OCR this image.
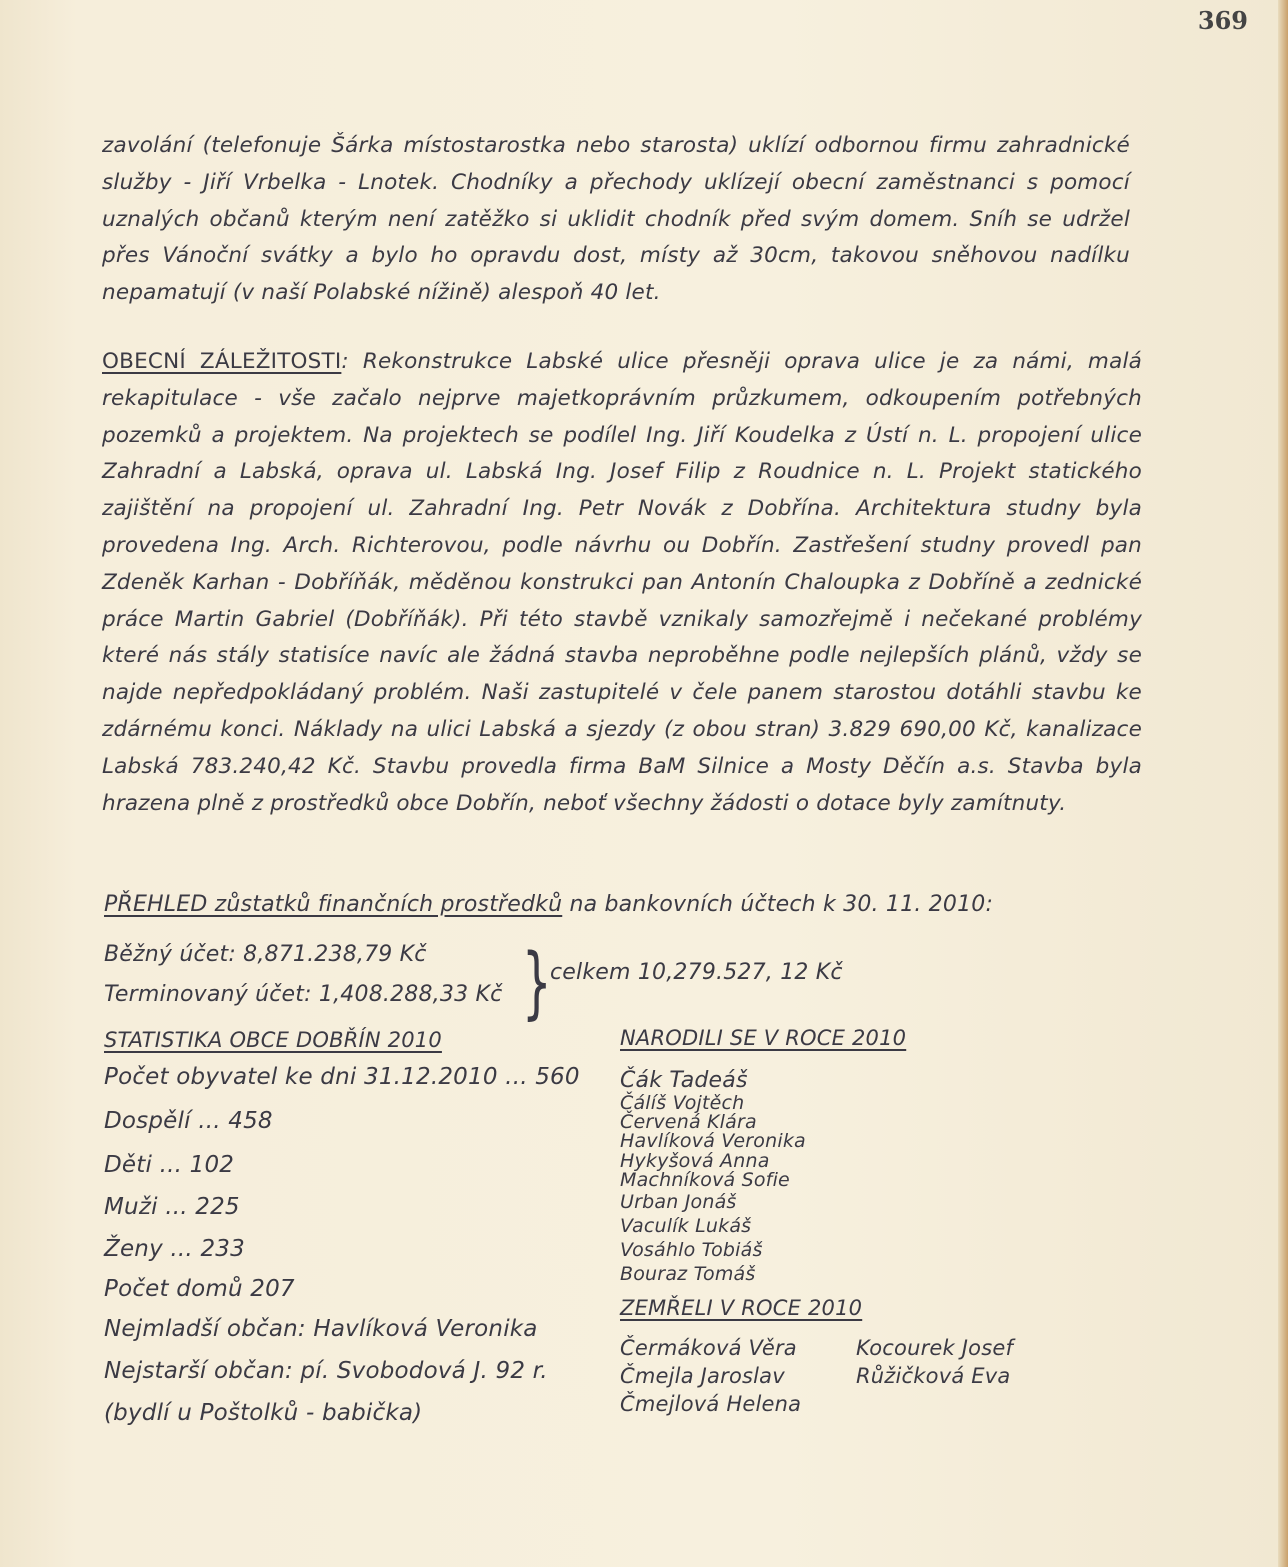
369
zavolání (telefonuje Šárka místostarostka nebo starosta) uklízí odbornou firmu zahradnické služby - Jiří Vrbelka - Lnotek. Chodníky a přechody uklízejí obecní zaměstnanci s pomocí uznalých občanů kterým není zatěžko si uklidit chodník před svým domem. Sníh se udržel přes Vánoční svátky a bylo ho opravdu dost, místy až 30cm, takovou sněhovou nadílku nepamatují (v naší Polabské nížině) alespoň 40 let.
OBECNÍ ZÁLEŽITOSTI: Rekonstrukce Labské ulice přesněji oprava ulice je za námi, malá rekapitulace - vše začalo nejprve majetkoprávním průzkumem, odkoupením potřebných pozemků a projektem. Na projektech se podílel Ing. Jiří Koudelka z Ústí n. L. propojení ulice Zahradní a Labská, oprava ul. Labská Ing. Josef Filip z Roudnice n. L. Projekt statického zajištění na propojení ul. Zahradní Ing. Petr Novák z Dobřína. Architektura studny byla provedena Ing. Arch. Richterovou, podle návrhu ou Dobřín. Zastřešení studny provedl pan Zdeněk Karhan - Dobříňák, měděnou konstrukci pan Antonín Chaloupka z Dobříně a zednické práce Martin Gabriel (Dobříňák). Při této stavbě vznikaly samozřejmě i nečekané problémy které nás stály statisíce navíc ale žádná stavba neproběhne podle nejlepších plánů, vždy se najde nepředpokládaný problém. Naši zastupitelé v čele panem starostou dotáhli stavbu ke zdárnému konci. Náklady na ulici Labská a sjezdy (z obou stran) 3.829 690,00 Kč, kanalizace Labská 783.240,42 Kč. Stavbu provedla firma BaM Silnice a Mosty Děčín a.s. Stavba byla hrazena plně z prostředků obce Dobřín, neboť všechny žádosti o dotace byly zamítnuty.
PŘEHLED zůstatků finančních prostředků na bankovních účtech k 30. 11. 2010:
Běžný účet: 8,871.238,79 Kč
Terminovaný účet: 1,408.288,33 Kč }
celkem 10,279.527, 12 Kč
STATISTIKA OBCE DOBŘÍN 2010
Počet obyvatel ke dni 31.12.2010 ... 560
Dospělí ... 458
Děti ... 102
Muži ... 225
Ženy ... 233
Počet domů 207
Nejmladší občan: Havlíková Veronika
Nejstarší občan: pí. Svobodová J. 92 r.
(bydlí u Poštolků - babička)
NARODILI SE V ROCE 2010
Čák Tadeáš
Čálíš Vojtěch
Červená Klára
Havlíková Veronika
Hykyšová Anna
Machníková Sofie
Urban Jonáš
Vaculík Lukáš
Vosáhlo Tobiáš
Bouraz Tomáš
ZEMŘELI V ROCE 2010
Čermáková Věra
Čmejla Jaroslav
Čmejlová Helena
Kocourek Josef
Růžičková Eva
